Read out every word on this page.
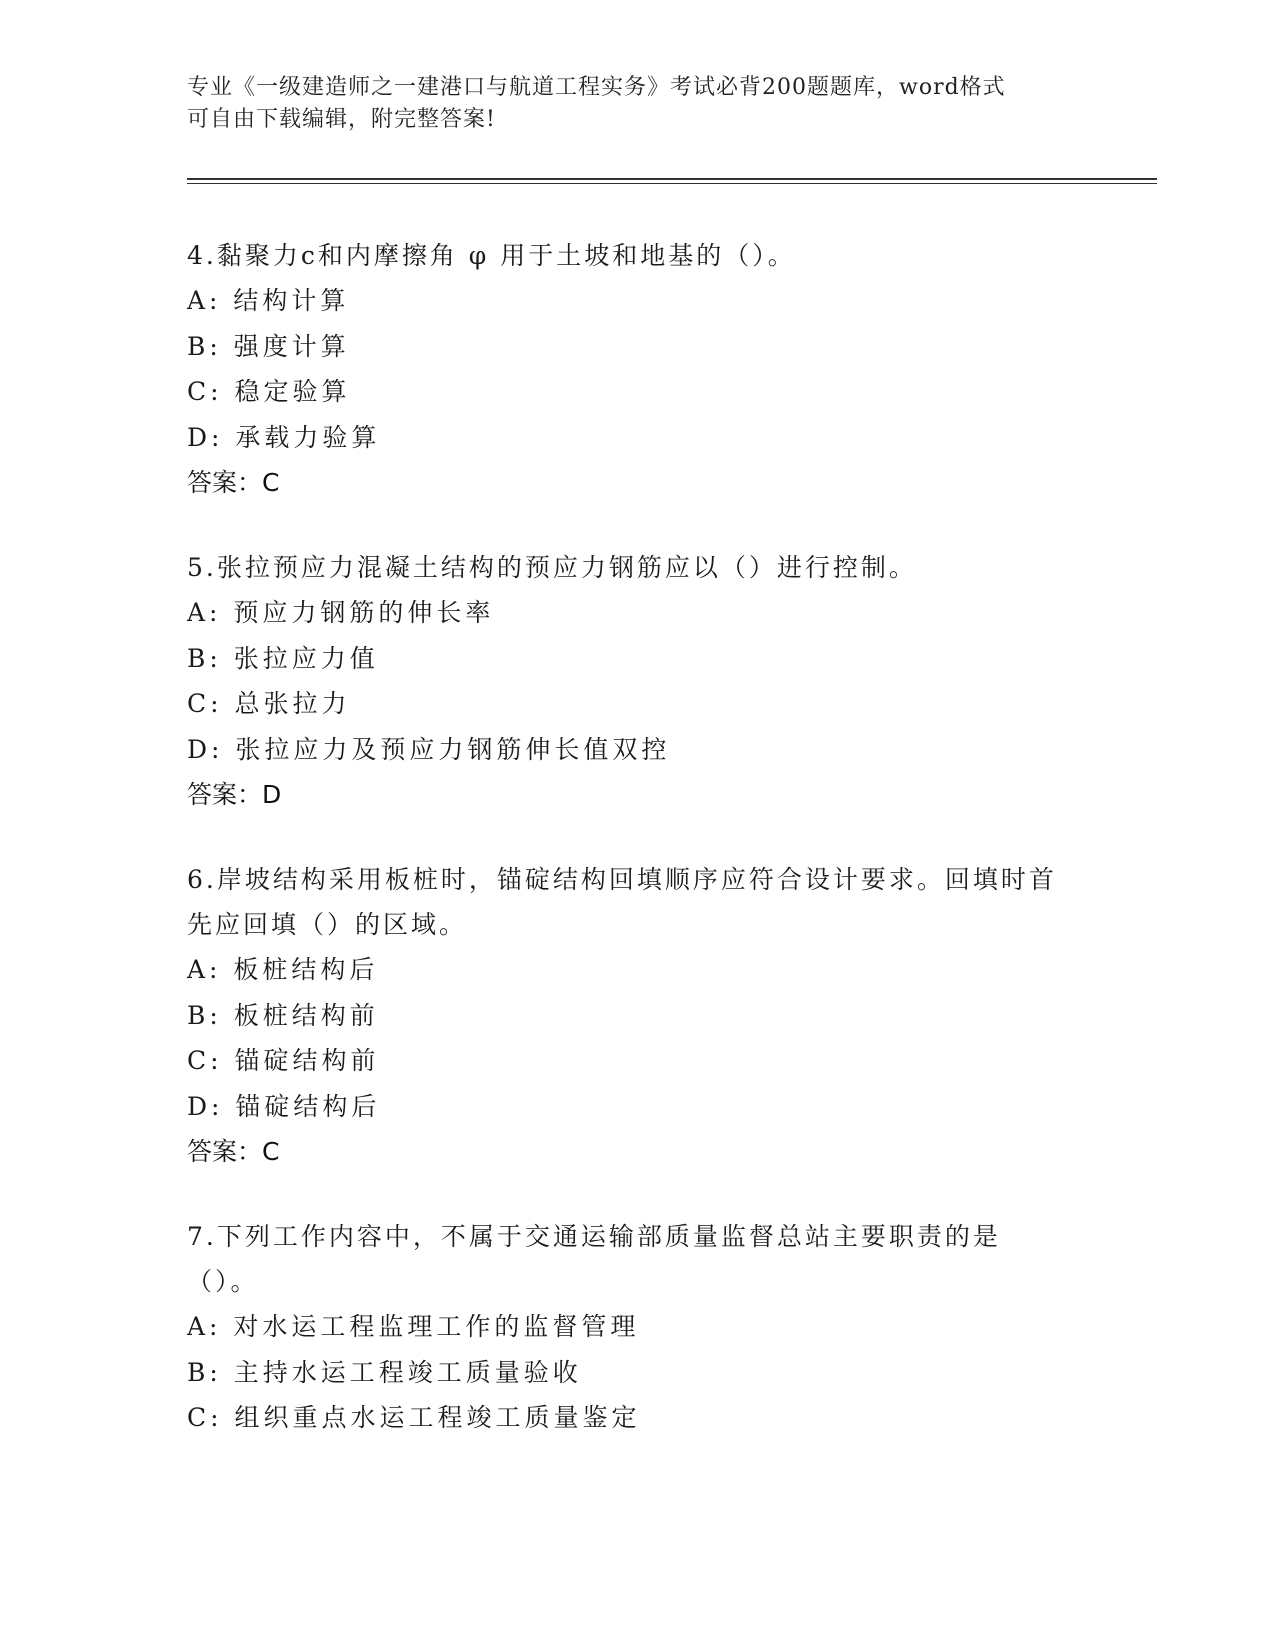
专业《一级建造师之一建港口与航道工程实务》考试必背200题题库，word格式
可自由下载编辑，附完整答案!

4.黏聚力c和内摩擦角 φ 用于土坡和地基的（）。

A: 结构计算

B: 强度计算

C: 稳定验算

D: 承载力验算

答案：C

5.张拉预应力混凝土结构的预应力钢筋应以（）进行控制。

A: 预应力钢筋的伸长率

B: 张拉应力值

C: 总张拉力

D: 张拉应力及预应力钢筋伸长值双控

答案：D

6.岸坡结构采用板桩时，锚碇结构回填顺序应符合设计要求。回填时首先应回填（）的区域。

A: 板桩结构后

B: 板桩结构前

C: 锚碇结构前

D: 锚碇结构后

答案：C

7.下列工作内容中，不属于交通运输部质量监督总站主要职责的是（）。

A: 对水运工程监理工作的监督管理

B: 主持水运工程竣工质量验收

C: 组织重点水运工程竣工质量鉴定
